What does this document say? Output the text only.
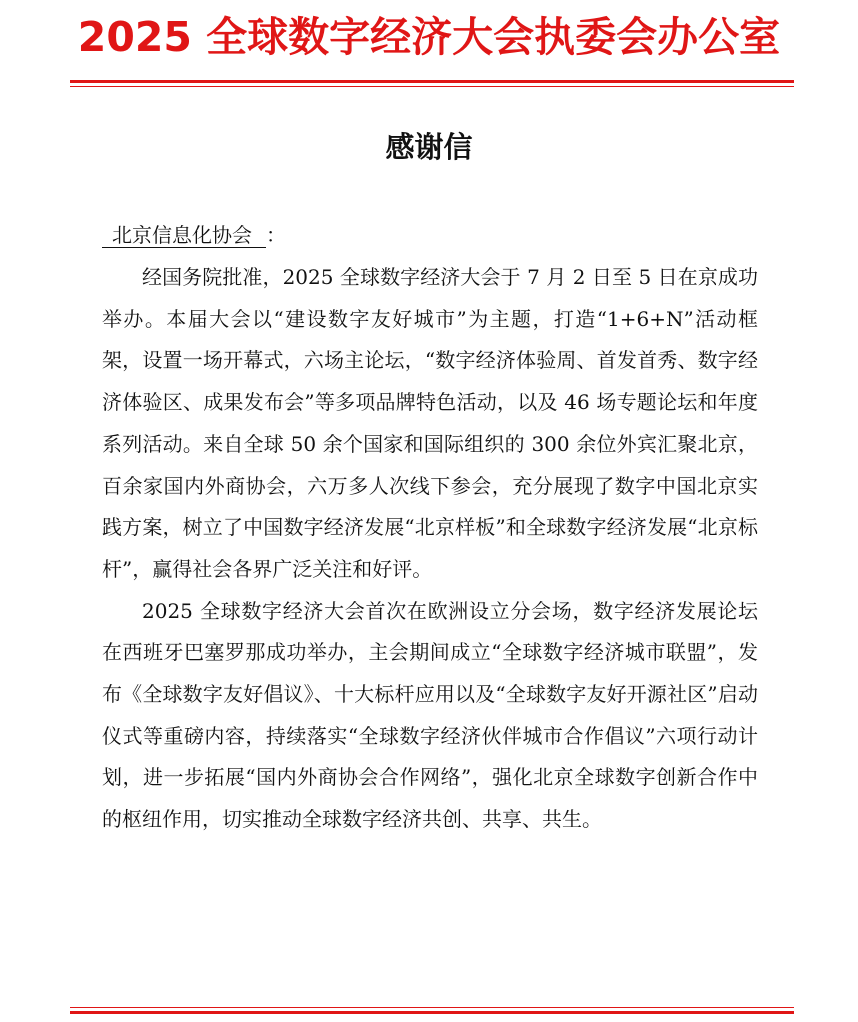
2025 全球数字经济大会执委会办公室
感谢信
北京信息化协会 ：

经国务院批准，2025 全球数字经济大会于 7 月 2 日至 5 日在京成功举办。本届大会以“建设数字友好城市”为主题，打造“1+6+N”活动框架，设置一场开幕式，六场主论坛，“数字经济体验周、首发首秀、数字经济体验区、成果发布会”等多项品牌特色活动，以及 46 场专题论坛和年度系列活动。来自全球 50 余个国家和国际组织的 300 余位外宾汇聚北京，百余家国内外商协会，六万多人次线下参会，充分展现了数字中国北京实践方案，树立了中国数字经济发展“北京样板”和全球数字经济发展“北京标杆”，赢得社会各界广泛关注和好评。

2025 全球数字经济大会首次在欧洲设立分会场，数字经济发展论坛在西班牙巴塞罗那成功举办，主会期间成立“全球数字经济城市联盟”，发布《全球数字友好倡议》、十大标杆应用以及“全球数字友好开源社区”启动仪式等重磅内容，持续落实“全球数字经济伙伴城市合作倡议”六项行动计划，进一步拓展“国内外商协会合作网络”，强化北京全球数字创新合作中的枢纽作用，切实推动全球数字经济共创、共享、共生。
